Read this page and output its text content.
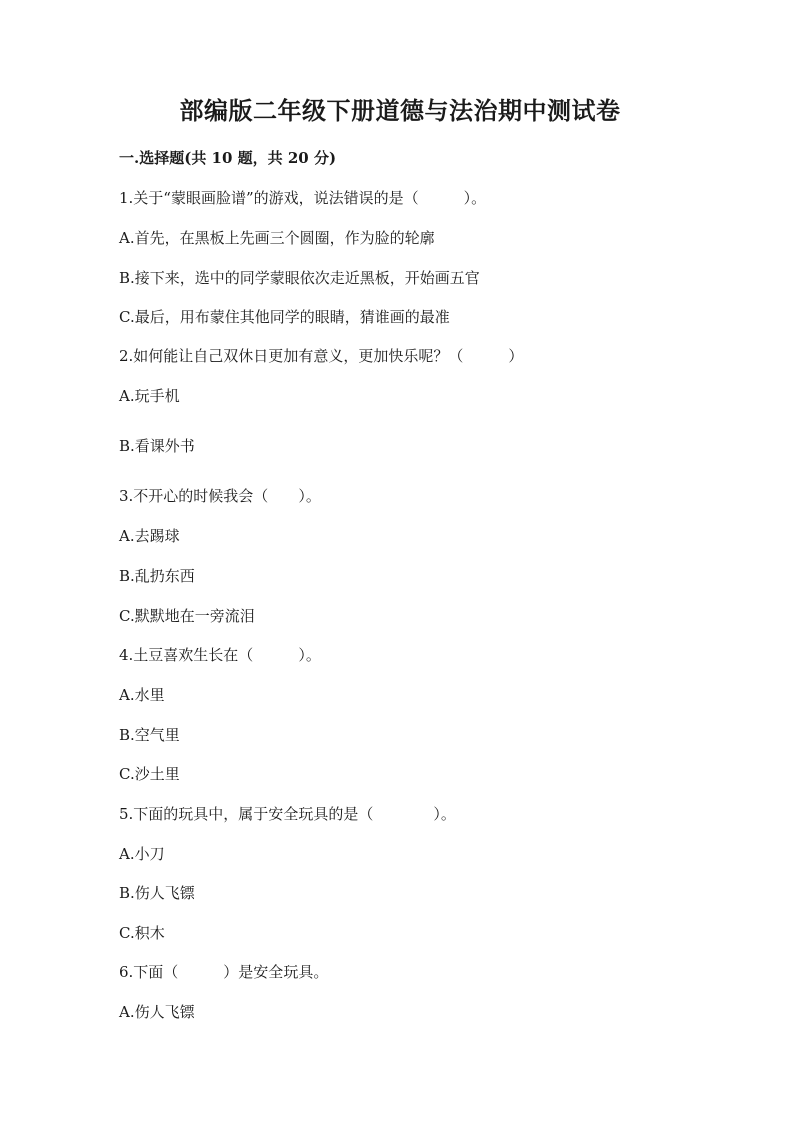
部编版二年级下册道德与法治期中测试卷
一.选择题(共 10 题，共 20 分)
1.关于“蒙眼画脸谱”的游戏，说法错误的是（　　　）。
A.首先，在黑板上先画三个圆圈，作为脸的轮廓
B.接下来，选中的同学蒙眼依次走近黑板，开始画五官
C.最后，用布蒙住其他同学的眼睛，猜谁画的最准
2.如何能让自己双休日更加有意义，更加快乐呢？（　　　）
A.玩手机
B.看课外书
3.不开心的时候我会（　　）。
A.去踢球
B.乱扔东西
C.默默地在一旁流泪
4.土豆喜欢生长在（　　　）。
A.水里
B.空气里
C.沙土里
5.下面的玩具中，属于安全玩具的是（　　　　）。
A.小刀
B.伤人飞镖
C.积木
6.下面（　　　）是安全玩具。
A.伤人飞镖
